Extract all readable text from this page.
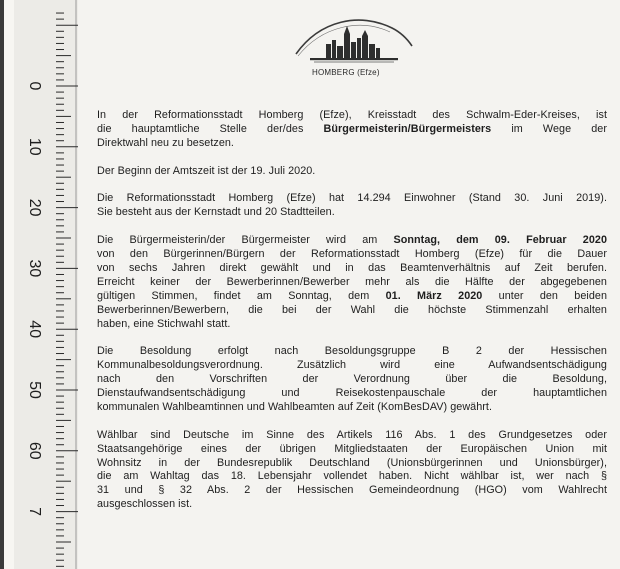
0
10
20
30
40
50
60
7
HOMBERG (Efze)
In der Reformationsstadt Homberg (Efze), Kreisstadt des Schwalm-Eder-Kreises, ist
die hauptamtliche Stelle der/des Bürgermeisterin/Bürgermeisters im Wege der
Direktwahl neu zu besetzen.
Der Beginn der Amtszeit ist der 19. Juli 2020.
Die Reformationsstadt Homberg (Efze) hat 14.294 Einwohner (Stand 30. Juni 2019).
Sie besteht aus der Kernstadt und 20 Stadtteilen.
Die Bürgermeisterin/der Bürgermeister wird am Sonntag, dem 09. Februar 2020
von den Bürgerinnen/Bürgern der Reformationsstadt Homberg (Efze) für die Dauer
von sechs Jahren direkt gewählt und in das Beamtenverhältnis auf Zeit berufen.
Erreicht keiner der Bewerberinnen/Bewerber mehr als die Hälfte der abgegebenen
gültigen Stimmen, findet am Sonntag, dem 01. März 2020 unter den beiden
Bewerberinnen/Bewerbern, die bei der Wahl die höchste Stimmenzahl erhalten
haben, eine Stichwahl statt.
Die Besoldung erfolgt nach Besoldungsgruppe B 2 der Hessischen
Kommunalbesoldungsverordnung. Zusätzlich wird eine Aufwandsentschädigung
nach den Vorschriften der Verordnung über die Besoldung,
Dienstaufwandsentschädigung und Reisekostenpauschale der hauptamtlichen
kommunalen Wahlbeamtinnen und Wahlbeamten auf Zeit (KomBesDAV) gewährt.
Wählbar sind Deutsche im Sinne des Artikels 116 Abs. 1 des Grundgesetzes oder
Staatsangehörige eines der übrigen Mitgliedstaaten der Europäischen Union mit
Wohnsitz in der Bundesrepublik Deutschland (Unionsbürgerinnen und Unionsbürger),
die am Wahltag das 18. Lebensjahr vollendet haben. Nicht wählbar ist, wer nach §
31 und § 32 Abs. 2 der Hessischen Gemeindeordnung (HGO) vom Wahlrecht
ausgeschlossen ist.
